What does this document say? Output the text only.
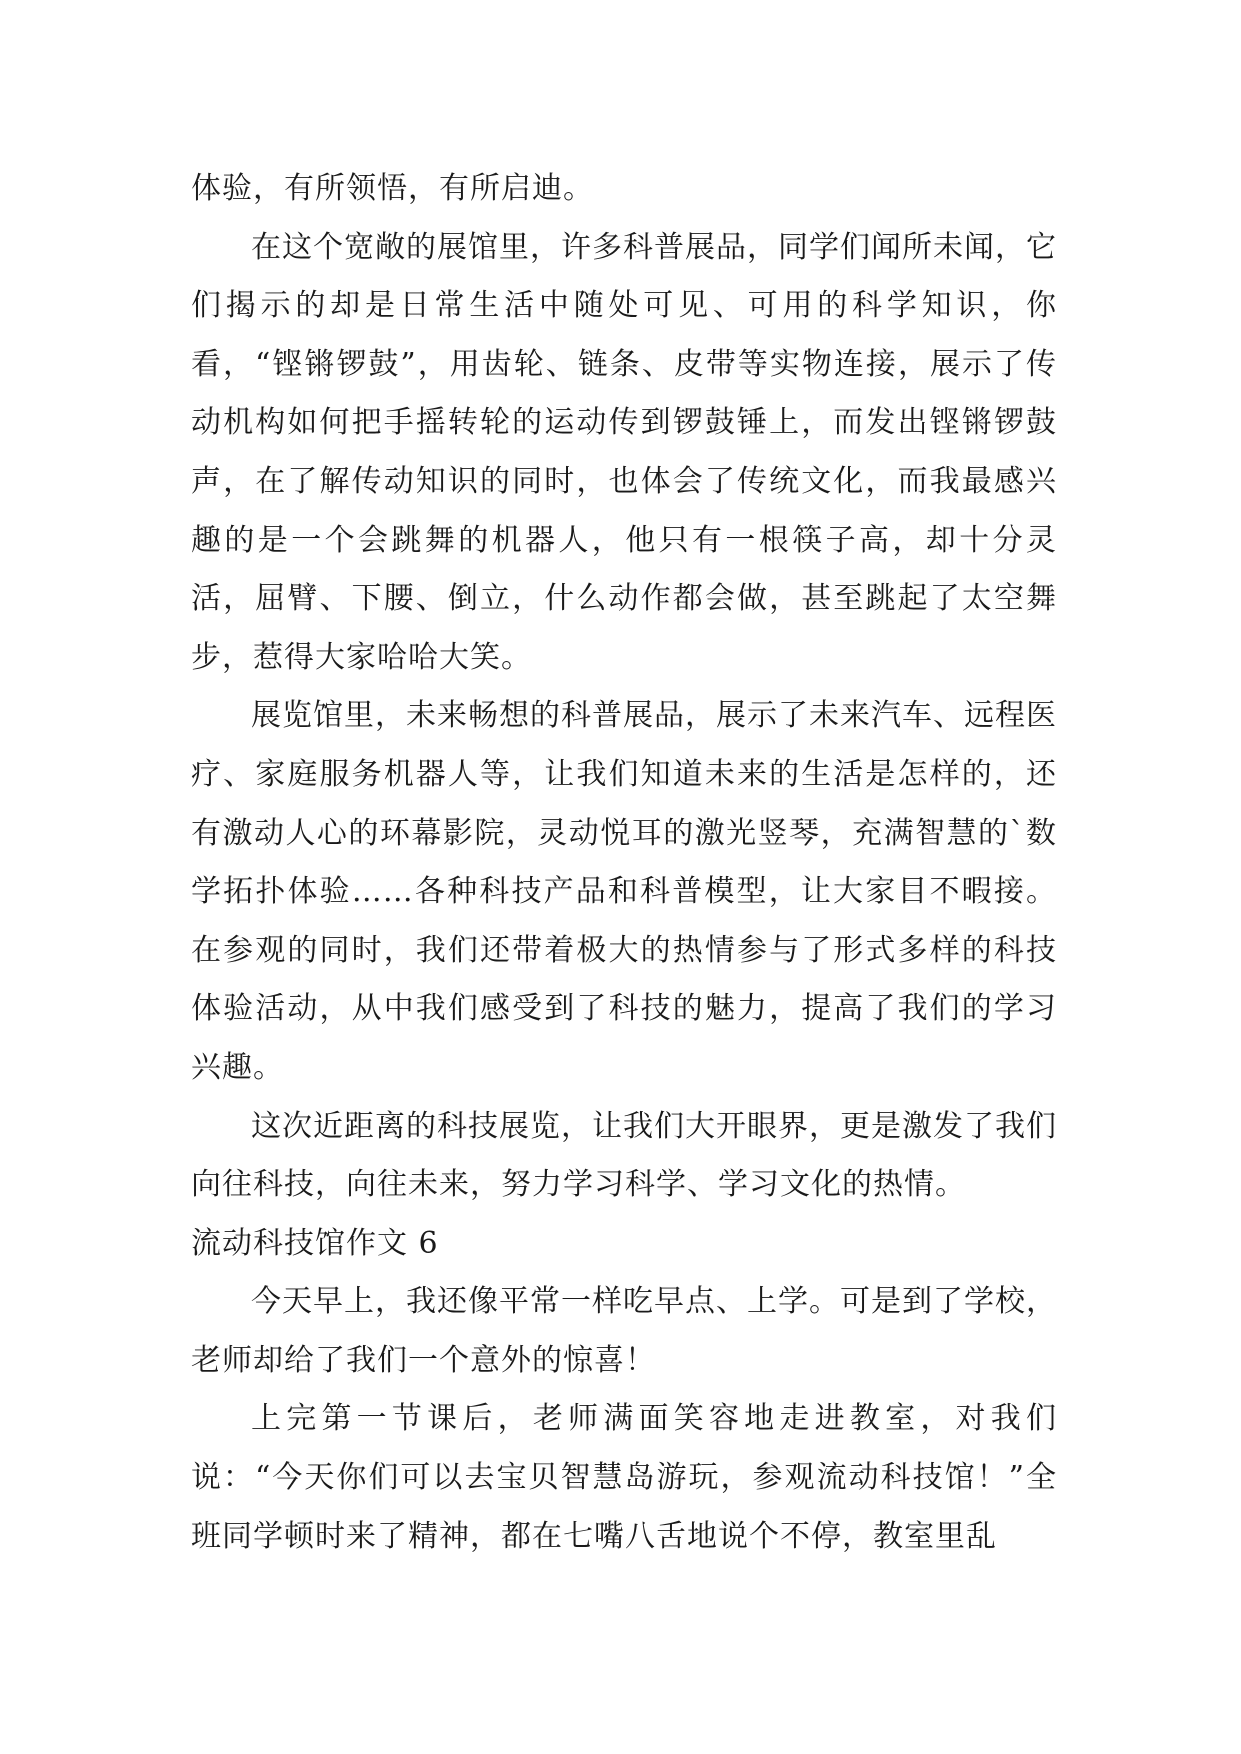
体验，有所领悟，有所启迪。

在这个宽敞的展馆里，许多科普展品，同学们闻所未闻，它们揭示的却是日常生活中随处可见、可用的科学知识，你看，“铿锵锣鼓”，用齿轮、链条、皮带等实物连接，展示了传动机构如何把手摇转轮的运动传到锣鼓锤上，而发出铿锵锣鼓声，在了解传动知识的同时，也体会了传统文化，而我最感兴趣的是一个会跳舞的机器人，他只有一根筷子高，却十分灵活，屈臂、下腰、倒立，什么动作都会做，甚至跳起了太空舞步，惹得大家哈哈大笑。

展览馆里，未来畅想的科普展品，展示了未来汽车、远程医疗、家庭服务机器人等，让我们知道未来的生活是怎样的，还有激动人心的环幕影院，灵动悦耳的激光竖琴，充满智慧的`数学拓扑体验……各种科技产品和科普模型，让大家目不暇接。在参观的同时，我们还带着极大的热情参与了形式多样的科技体验活动，从中我们感受到了科技的魅力，提高了我们的学习兴趣。

这次近距离的科技展览，让我们大开眼界，更是激发了我们向往科技，向往未来，努力学习科学、学习文化的热情。

流动科技馆作文 6

今天早上，我还像平常一样吃早点、上学。可是到了学校，老师却给了我们一个意外的惊喜！

上完第一节课后，老师满面笑容地走进教室，对我们说：“今天你们可以去宝贝智慧岛游玩，参观流动科技馆！”全班同学顿时来了精神，都在七嘴八舌地说个不停，教室里乱
